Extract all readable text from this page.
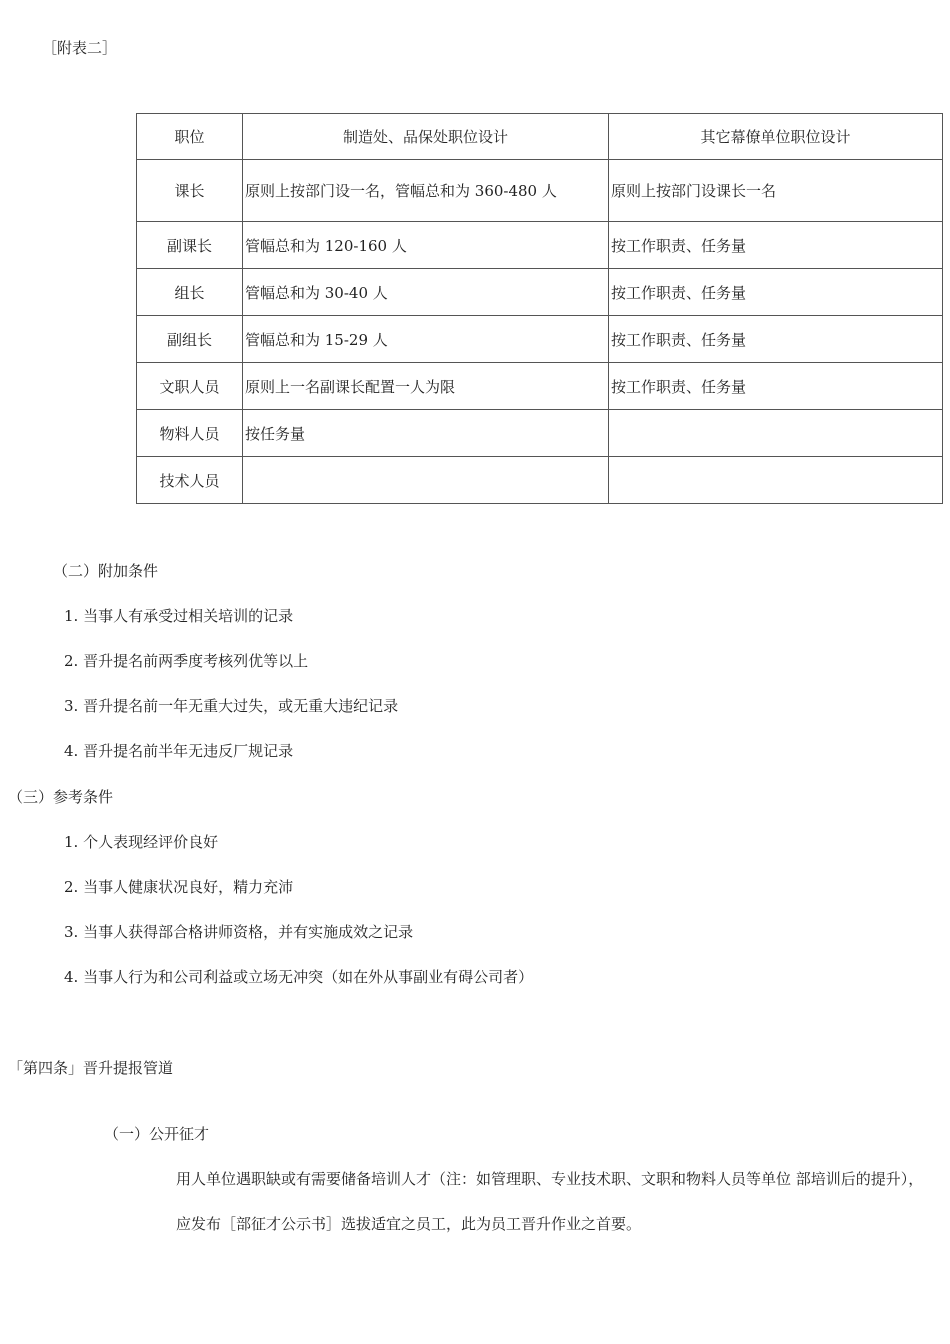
［附表二］
职位	制造处、品保处职位设计	其它幕僚单位职位设计
课长	原则上按部门设一名，管幅总和为 360-480 人	原则上按部门设课长一名
副课长	管幅总和为 120-160 人	按工作职责、任务量
组长	管幅总和为 30-40 人	按工作职责、任务量
副组长	管幅总和为 15-29 人	按工作职责、任务量
文职人员	原则上一名副课长配置一人为限	按工作职责、任务量
物料人员	按任务量	
技术人员		
（二）附加条件
1. 当事人有承受过相关培训的记录
2. 晋升提名前两季度考核列优等以上
3. 晋升提名前一年无重大过失，或无重大违纪记录
4. 晋升提名前半年无违反厂规记录
（三）参考条件
1. 个人表现经评价良好
2. 当事人健康状况良好，精力充沛
3. 当事人获得部合格讲师资格，并有实施成效之记录
4. 当事人行为和公司利益或立场无冲突（如在外从事副业有碍公司者）
「第四条」晋升提报管道
（一）公开征才
用人单位遇职缺或有需要储备培训人才（注：如管理职、专业技术职、文职和物料人员等单位 部培训后的提升），应发布［部征才公示书］选拔适宜之员工，此为员工晋升作业之首要。
